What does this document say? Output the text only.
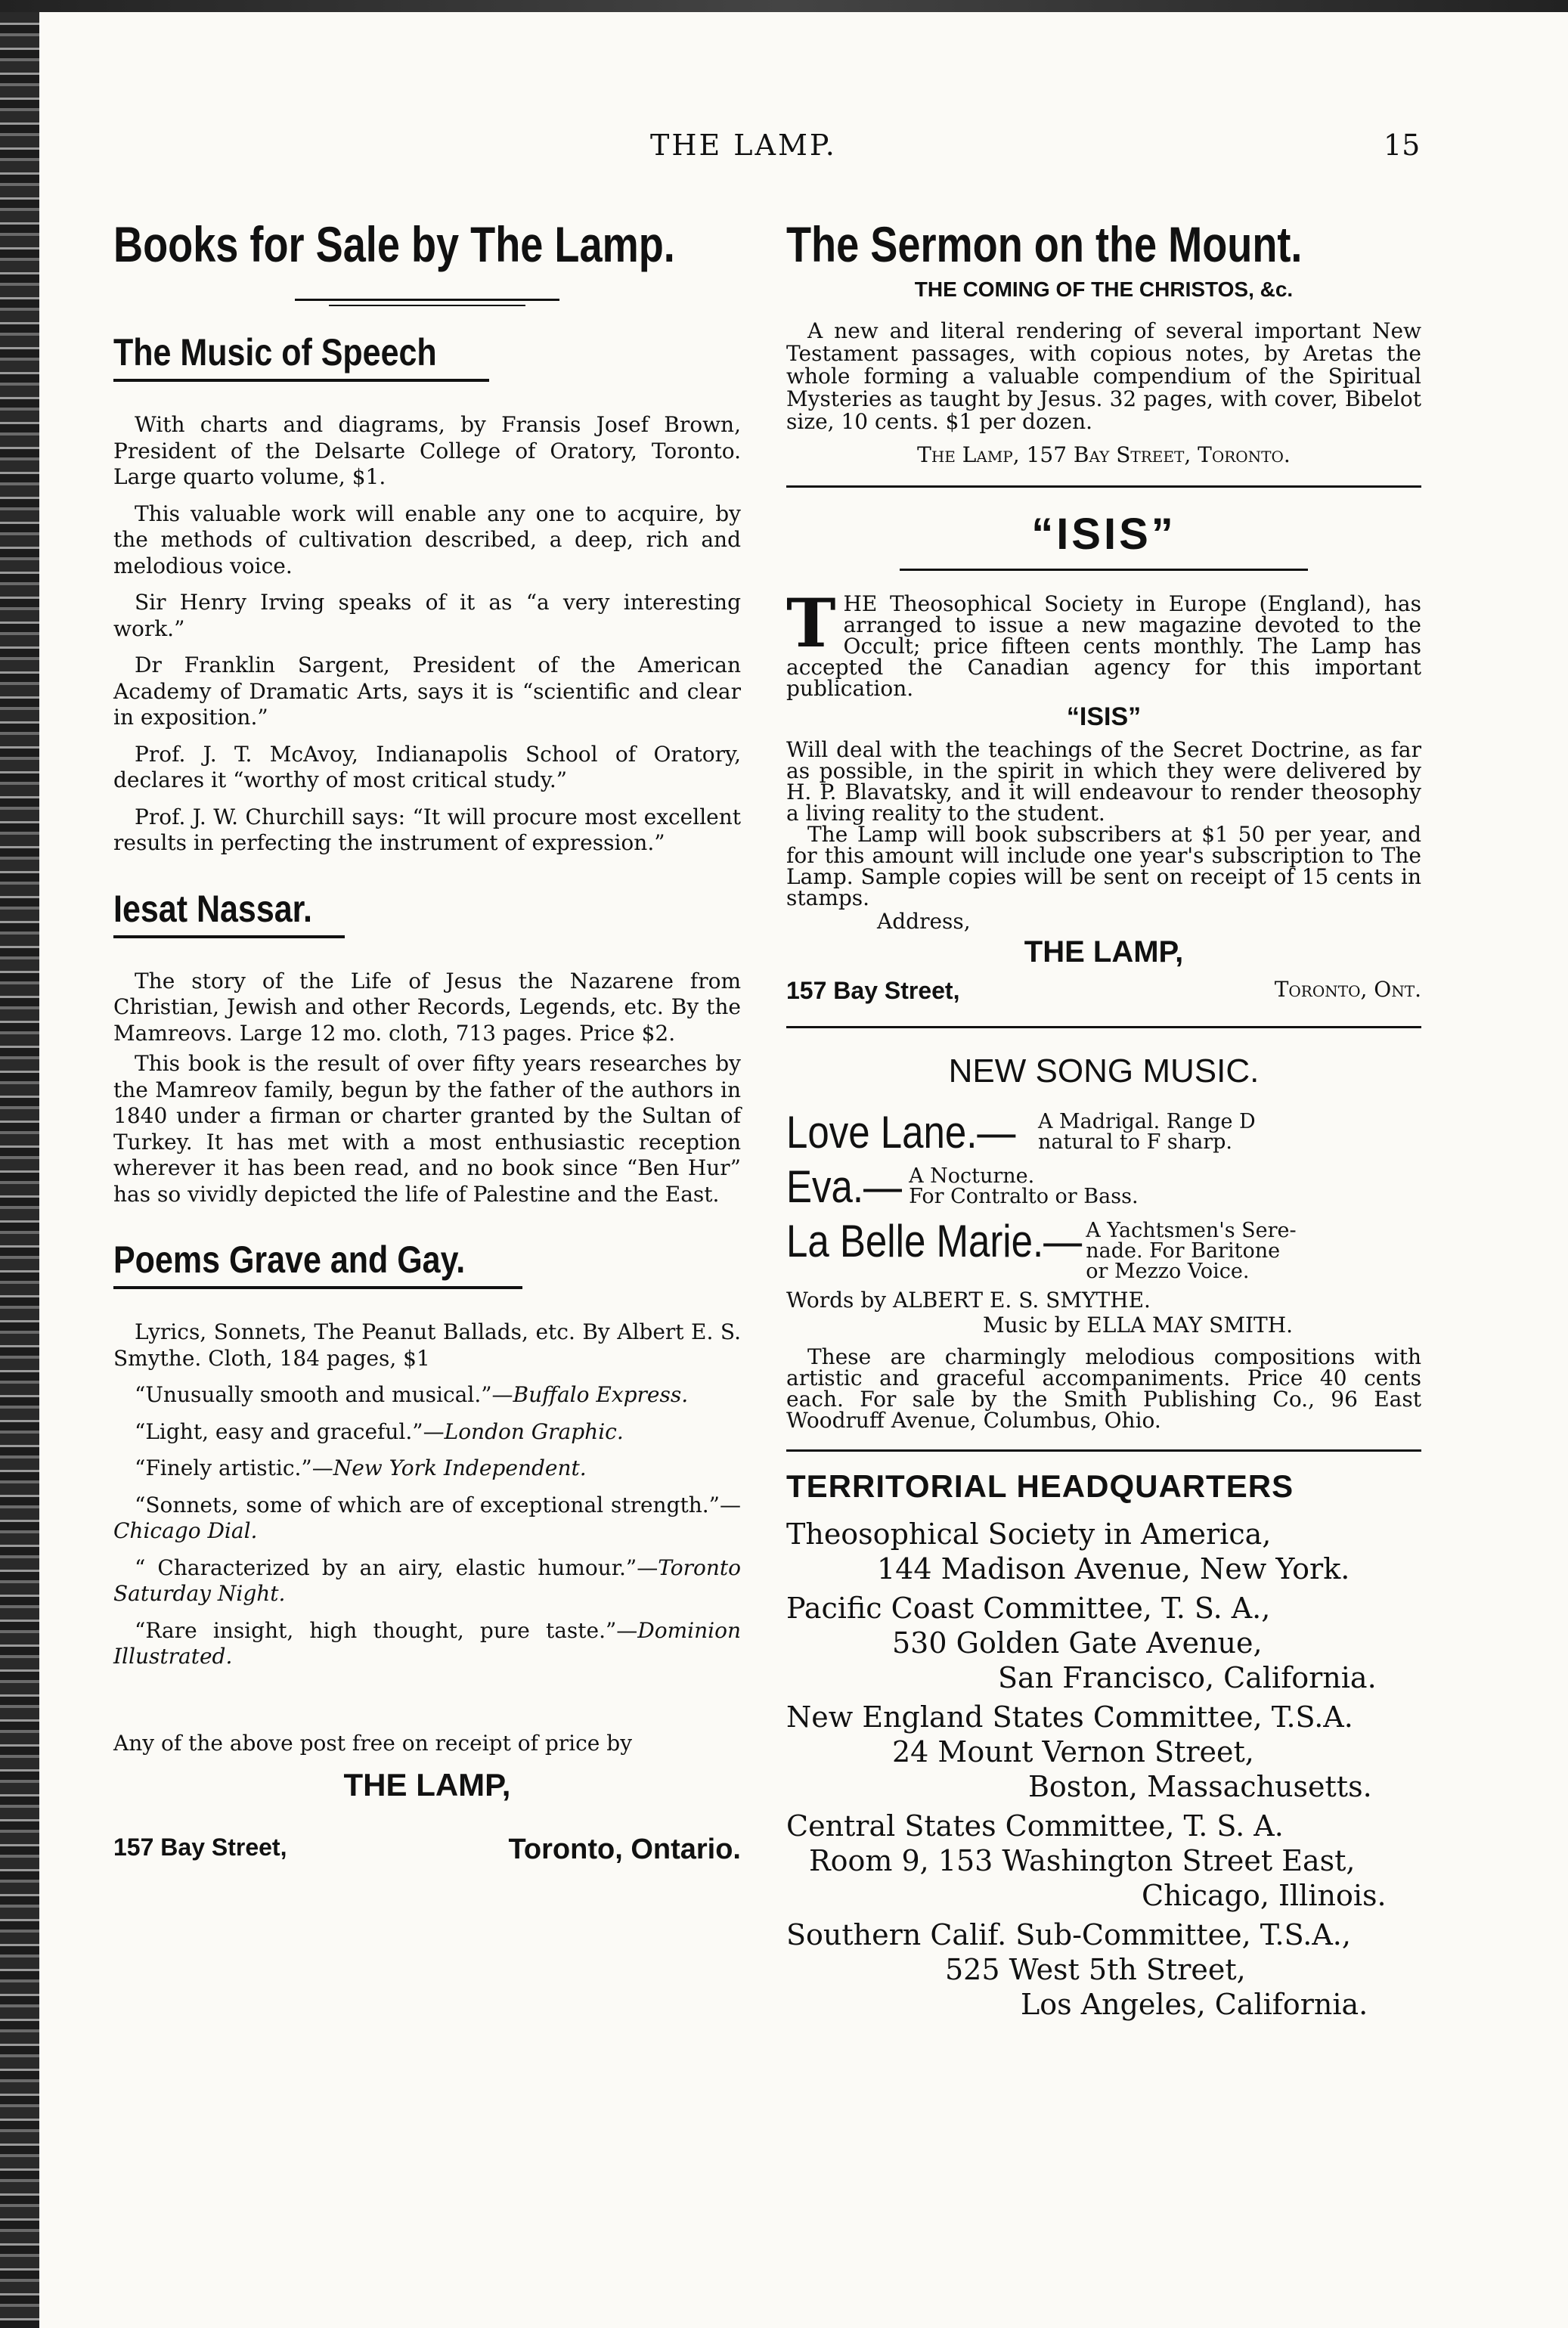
THE LAMP.	15
Books for Sale by The Lamp.
The Music of Speech

With charts and diagrams, by Fransis Josef Brown, President of the Delsarte College of Oratory, Toronto. Large quarto volume, $1.

This valuable work will enable any one to acquire, by the methods of cultivation described, a deep, rich and melodious voice.

Sir Henry Irving speaks of it as “a very interesting work.”

Dr Franklin Sargent, President of the American Academy of Dramatic Arts, says it is “scientific and clear in exposition.”

Prof. J. T. McAvoy, Indianapolis School of Oratory, declares it “worthy of most critical study.”

Prof. J. W. Churchill says: “It will procure most excellent results in perfecting the instrument of expression.”

Iesat Nassar.

The story of the Life of Jesus the Nazarene from Christian, Jewish and other Records, Legends, etc. By the Mamreovs. Large 12 mo. cloth, 713 pages. Price $2.

This book is the result of over fifty years researches by the Mamreov family, begun by the father of the authors in 1840 under a firman or charter granted by the Sultan of Turkey. It has met with a most enthusiastic reception wherever it has been read, and no book since “Ben Hur” has so vividly depicted the life of Palestine and the East.

Poems Grave and Gay.

Lyrics, Sonnets, The Peanut Ballads, etc. By Albert E. S. Smythe. Cloth, 184 pages, $1

“Unusually smooth and musical.”—Buffalo Express.

“Light, easy and graceful.”—London Graphic.

“Finely artistic.”—New York Independent.

“Sonnets, some of which are of exceptional strength.”—Chicago Dial.

“ Characterized by an airy, elastic humour.”—Toronto Saturday Night.

“Rare insight, high thought, pure taste.”—Dominion Illustrated.

Any of the above post free on receipt of price by

THE LAMP,
157 Bay Street,	Toronto, Ontario.
The Sermon on the Mount.
THE COMING OF THE CHRISTOS, &c.

A new and literal rendering of several important New Testament passages, with copious notes, by Aretas the whole forming a valuable compendium of the Spiritual Mysteries as taught by Jesus. 32 pages, with cover, Bibelot size, 10 cents. $1 per dozen.

The Lamp, 157 Bay Street, Toronto.

“ISIS”

THE Theosophical Society in Europe (England), has arranged to issue a new magazine devoted to the Occult; price fifteen cents monthly. The Lamp has accepted the Canadian agency for this important publication.

“ISIS”

Will deal with the teachings of the Secret Doctrine, as far as possible, in the spirit in which they were delivered by H. P. Blavatsky, and it will endeavour to render theosophy a living reality to the student.

The Lamp will book subscribers at $1 50 per year, and for this amount will include one year's subscription to The Lamp. Sample copies will be sent on receipt of 15 cents in stamps.

Address,
THE LAMP,
157 Bay Street,	Toronto, Ont.
NEW SONG MUSIC.
Love Lane.— A Madrigal. Range D
natural to F sharp.
Eva.— A Nocturne.
For Contralto or Bass.
La Belle Marie.— A Yachtsmen's Sere-
nade. For Baritone
or Mezzo Voice.
Words by ALBERT E. S. SMYTHE.
Music by ELLA MAY SMITH.

These are charmingly melodious compositions with artistic and graceful accompaniments. Price 40 cents each. For sale by the Smith Publishing Co., 96 East Woodruff Avenue, Columbus, Ohio.

TERRITORIAL HEADQUARTERS

Theosophical Society in America,

144 Madison Avenue, New York.

Pacific Coast Committee, T. S. A.,

530 Golden Gate Avenue,

San Francisco, California.

New England States Committee, T.S.A.

24 Mount Vernon Street,

Boston, Massachusetts.

Central States Committee, T. S. A.

Room 9, 153 Washington Street East,

Chicago, Illinois.

Southern Calif. Sub-Committee, T.S.A.,

525 West 5th Street,

Los Angeles, California.
